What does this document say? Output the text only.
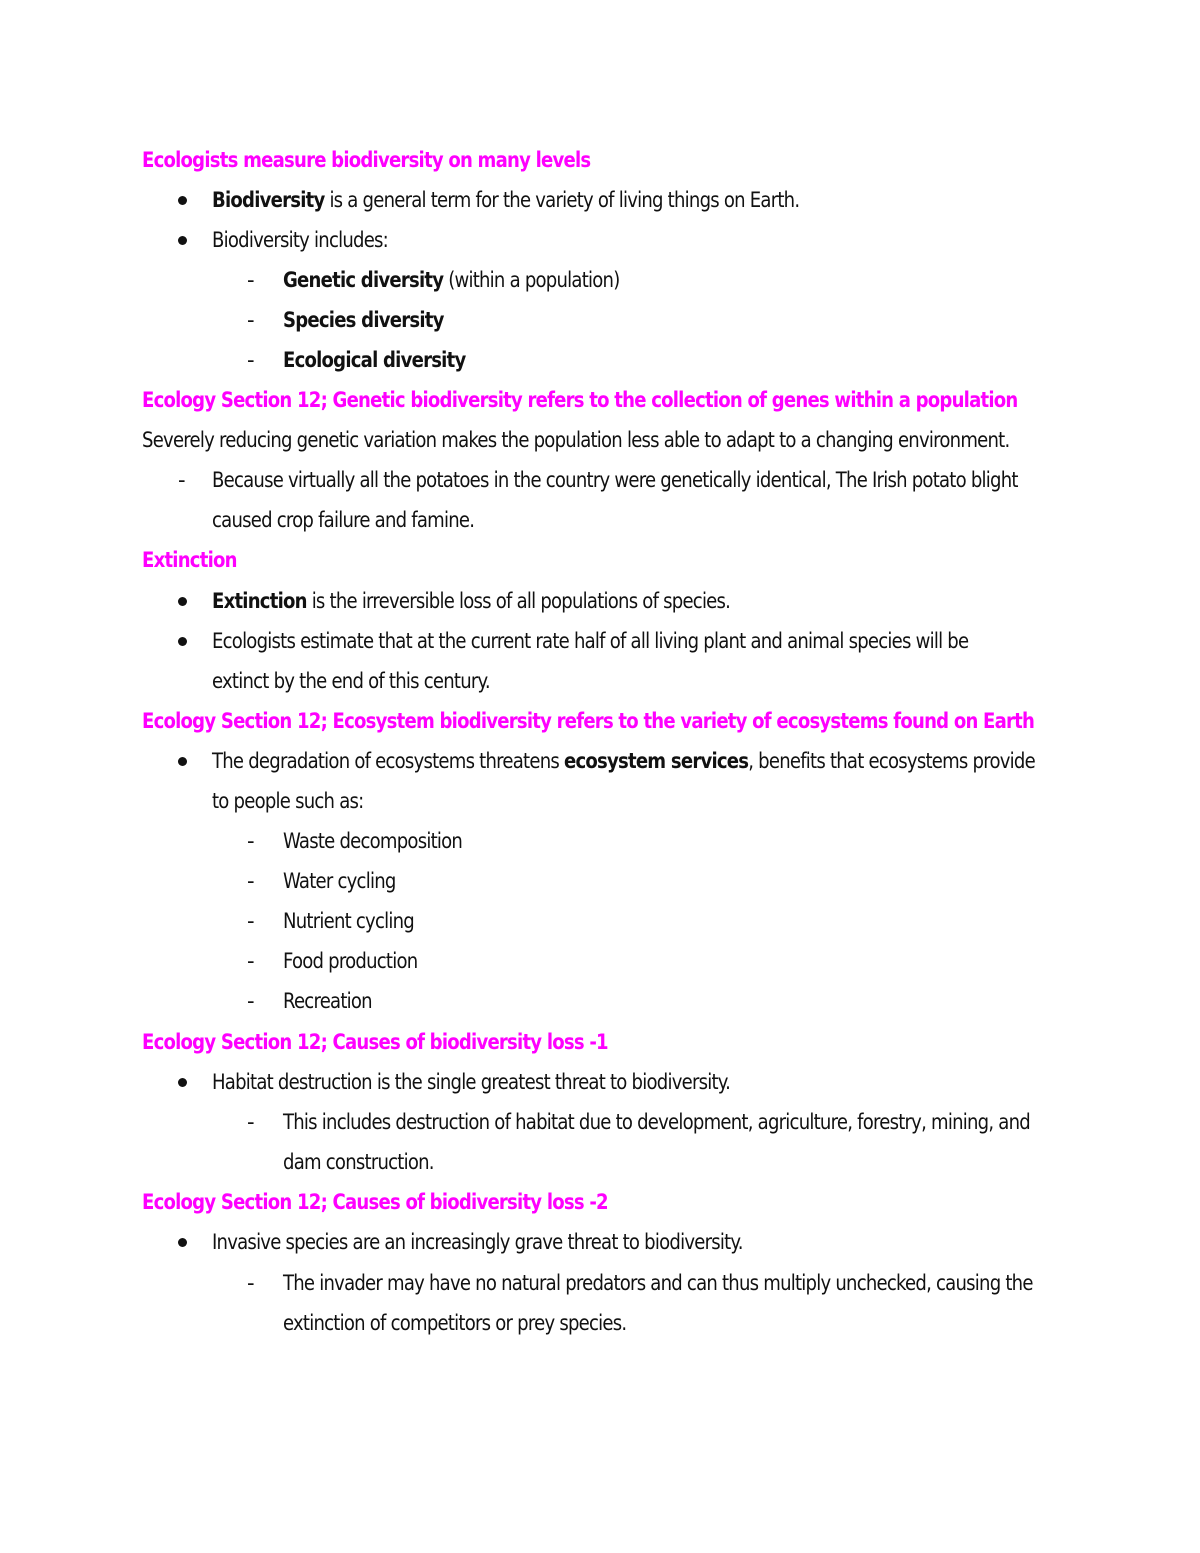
Ecologists measure biodiversity on many levels
Biodiversity is a general term for the variety of living things on Earth.
Biodiversity includes:
- Genetic diversity (within a population)
- Species diversity
- Ecological diversity
Ecology Section 12; Genetic biodiversity refers to the collection of genes within a population
Severely reducing genetic variation makes the population less able to adapt to a changing environment.
- Because virtually all the potatoes in the country were genetically identical, The Irish potato blight
caused crop failure and famine.
Extinction
Extinction is the irreversible loss of all populations of species.
Ecologists estimate that at the current rate half of all living plant and animal species will be
extinct by the end of this century.
Ecology Section 12; Ecosystem biodiversity refers to the variety of ecosystems found on Earth
The degradation of ecosystems threatens ecosystem services, benefits that ecosystems provide
to people such as:
- Waste decomposition
- Water cycling
- Nutrient cycling
- Food production
- Recreation
Ecology Section 12; Causes of biodiversity loss -1
Habitat destruction is the single greatest threat to biodiversity.
- This includes destruction of habitat due to development, agriculture, forestry, mining, and
dam construction.
Ecology Section 12; Causes of biodiversity loss -2
Invasive species are an increasingly grave threat to biodiversity.
- The invader may have no natural predators and can thus multiply unchecked, causing the
extinction of competitors or prey species.
